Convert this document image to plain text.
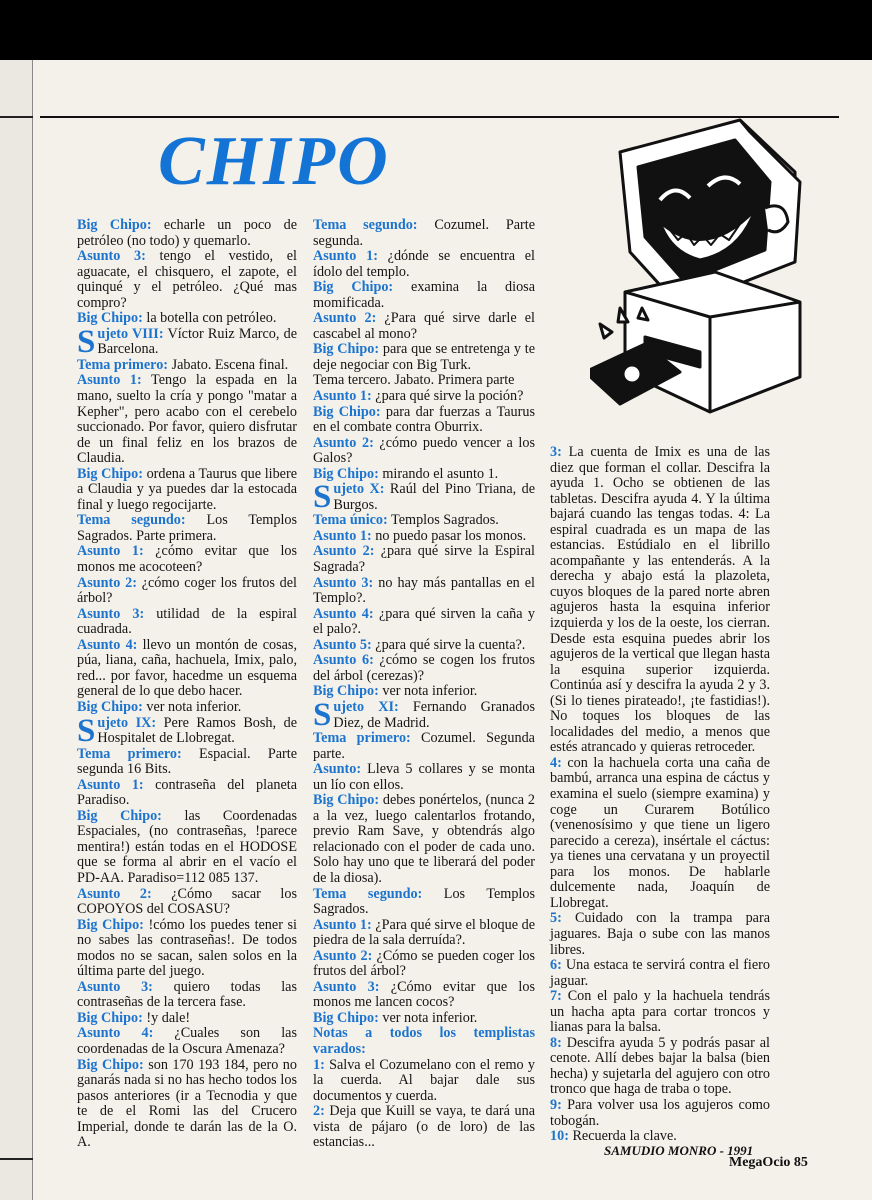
CHIPO

Big Chipo: echarle un poco de petróleo (no todo) y quemarlo.

Asunto 3: tengo el vestido, el aguacate, el chisquero, el zapote, el quinqué y el petróleo. ¿Qué mas compro?

Big Chipo: la botella con petróleo.

Sujeto VIII: Víctor Ruiz Marco, de Barcelona.

Tema primero: Jabato. Escena final.

Asunto 1: Tengo la espada en la mano, suelto la cría y pongo "matar a Kepher", pero acabo con el cerebelo succionado. Por favor, quiero disfrutar de un final feliz en los brazos de Claudia.

Big Chipo: ordena a Taurus que libere a Claudia y ya puedes dar la estocada final y luego regocijarte.

Tema segundo: Los Templos Sagrados. Parte primera.

Asunto 1: ¿cómo evitar que los monos me acocoteen?

Asunto 2: ¿cómo coger los frutos del árbol?

Asunto 3: utilidad de la espiral cuadrada.

Asunto 4: llevo un montón de cosas, púa, liana, caña, hachuela, Imix, palo, red... por favor, hacedme un esquema general de lo que debo hacer.

Big Chipo: ver nota inferior.

Sujeto IX: Pere Ramos Bosh, de Hospitalet de Llobregat.

Tema primero: Espacial. Parte segunda 16 Bits.

Asunto 1: contraseña del planeta Paradiso.

Big Chipo: las Coordenadas Espaciales, (no contraseñas, !parece mentira!) están todas en el HODOSE que se forma al abrir en el vacío el PD-AA. Paradiso=112 085 137.

Asunto 2: ¿Cómo sacar los COPOYOS del COSASU?

Big Chipo: !cómo los puedes tener si no sabes las contraseñas!. De todos modos no se sacan, salen solos en la última parte del juego.

Asunto 3: quiero todas las contraseñas de la tercera fase.

Big Chipo: !y dale!

Asunto 4: ¿Cuales son las coordenadas de la Oscura Amenaza?

Big Chipo: son 170 193 184, pero no ganarás nada si no has hecho todos los pasos anteriores (ir a Tecnodia y que te de el Romi las del Crucero Imperial, donde te darán las de la O. A.

Tema segundo: Cozumel. Parte segunda.

Asunto 1: ¿dónde se encuentra el ídolo del templo.

Big Chipo: examina la diosa momificada.

Asunto 2: ¿Para qué sirve darle el cascabel al mono?

Big Chipo: para que se entretenga y te deje negociar con Big Turk.

Tema tercero. Jabato. Primera parte

Asunto 1: ¿para qué sirve la poción?

Big Chipo: para dar fuerzas a Taurus en el combate contra Oburrix.

Asunto 2: ¿cómo puedo vencer a los Galos?

Big Chipo: mirando el asunto 1.

Sujeto X: Raúl del Pino Triana, de Burgos.

Tema único: Templos Sagrados.

Asunto 1: no puedo pasar los monos.

Asunto 2: ¿para qué sirve la Espiral Sagrada?

Asunto 3: no hay más pantallas en el Templo?.

Asunto 4: ¿para qué sirven la caña y el palo?.

Asunto 5: ¿para qué sirve la cuenta?.

Asunto 6: ¿cómo se cogen los frutos del árbol (cerezas)?

Big Chipo: ver nota inferior.

Sujeto XI: Fernando Granados Diez, de Madrid.

Tema primero: Cozumel. Segunda parte.

Asunto: Lleva 5 collares y se monta un lío con ellos.

Big Chipo: debes ponértelos, (nunca 2 a la vez, luego calentarlos frotando, previo Ram Save, y obtendrás algo relacionado con el poder de cada uno. Solo hay uno que te liberará del poder de la diosa).

Tema segundo: Los Templos Sagrados.

Asunto 1: ¿Para qué sirve el bloque de piedra de la sala derruída?.

Asunto 2: ¿Cómo se pueden coger los frutos del árbol?

Asunto 3: ¿Cómo evitar que los monos me lancen cocos?

Big Chipo: ver nota inferior.

Notas a todos los templistas varados:

1: Salva el Cozumelano con el remo y la cuerda. Al bajar dale sus documentos y cuerda.

2: Deja que Kuill se vaya, te dará una vista de pájaro (o de loro) de las estancias...

3: La cuenta de Imix es una de las diez que forman el collar. Descifra la ayuda 1. Ocho se obtienen de las tabletas. Descifra ayuda 4. Y la última bajará cuando las tengas todas. 4: La espiral cuadrada es un mapa de las estancias. Estúdialo en el librillo acompañante y las entenderás. A la derecha y abajo está la plazoleta, cuyos bloques de la pared norte abren agujeros hasta la esquina inferior izquierda y los de la oeste, los cierran. Desde esta esquina puedes abrir los agujeros de la vertical que llegan hasta la esquina superior izquierda. Continúa así y descifra la ayuda 2 y 3. (Si lo tienes pirateado!, ¡te fastidias!). No toques los bloques de las localidades del medio, a menos que estés atrancado y quieras retroceder.

4: con la hachuela corta una caña de bambú, arranca una espina de cáctus y examina el suelo (siempre examina) y coge un Curarem Botúlico (venenosísimo y que tiene un ligero parecido a cereza), insértale el cáctus: ya tienes una cervatana y un proyectil para los monos. De hablarle dulcemente nada, Joaquín de Llobregat.

5: Cuidado con la trampa para jaguares. Baja o sube con las manos libres.

6: Una estaca te servirá contra el fiero jaguar.

7: Con el palo y la hachuela tendrás un hacha apta para cortar troncos y lianas para la balsa.

8: Descifra ayuda 5 y podrás pasar al cenote. Allí debes bajar la balsa (bien hecha) y sujetarla del agujero con otro tronco que haga de traba o tope.

9: Para volver usa los agujeros como tobogán.

10: Recuerda la clave.

SAMUDIO MONRO - 1991
MegaOcio 85
